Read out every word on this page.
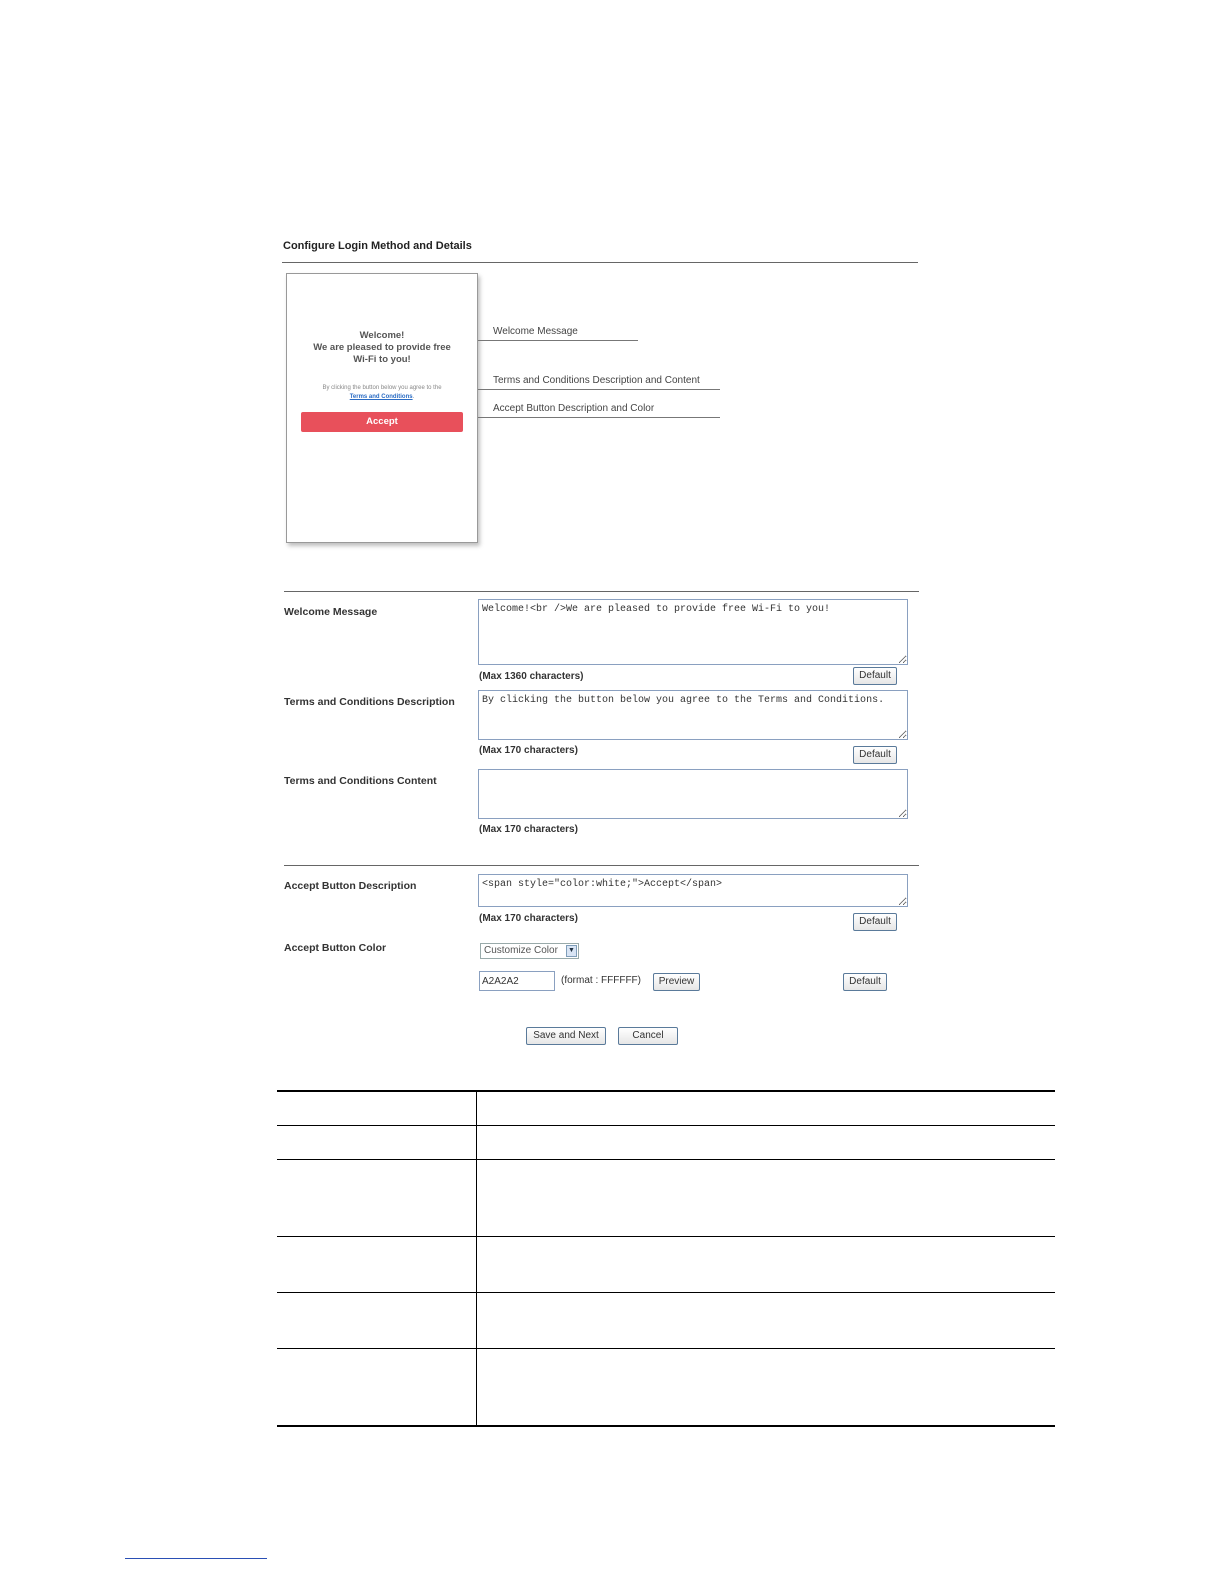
Configure Login Method and Details
Welcome!
We are pleased to provide free
Wi-Fi to you!
By clicking the button below you agree to the
Terms and Conditions.
Accept
Welcome Message
Terms and Conditions Description and Content
Accept Button Description and Color
Welcome Message
Welcome!<br />We are pleased to provide free Wi-Fi to you!
(Max 1360 characters)	Default
Terms and Conditions Description
By clicking the button below you agree to the Terms and Conditions.
(Max 170 characters)	Default
Terms and Conditions Content
(Max 170 characters)
Accept Button Description
<span style="color:white;">Accept</span>
(Max 170 characters)	Default
Accept Button Color	Customize Color ▼
A2A2A2
(format : FFFFFF)	Preview	Default
Save and Next	Cancel
